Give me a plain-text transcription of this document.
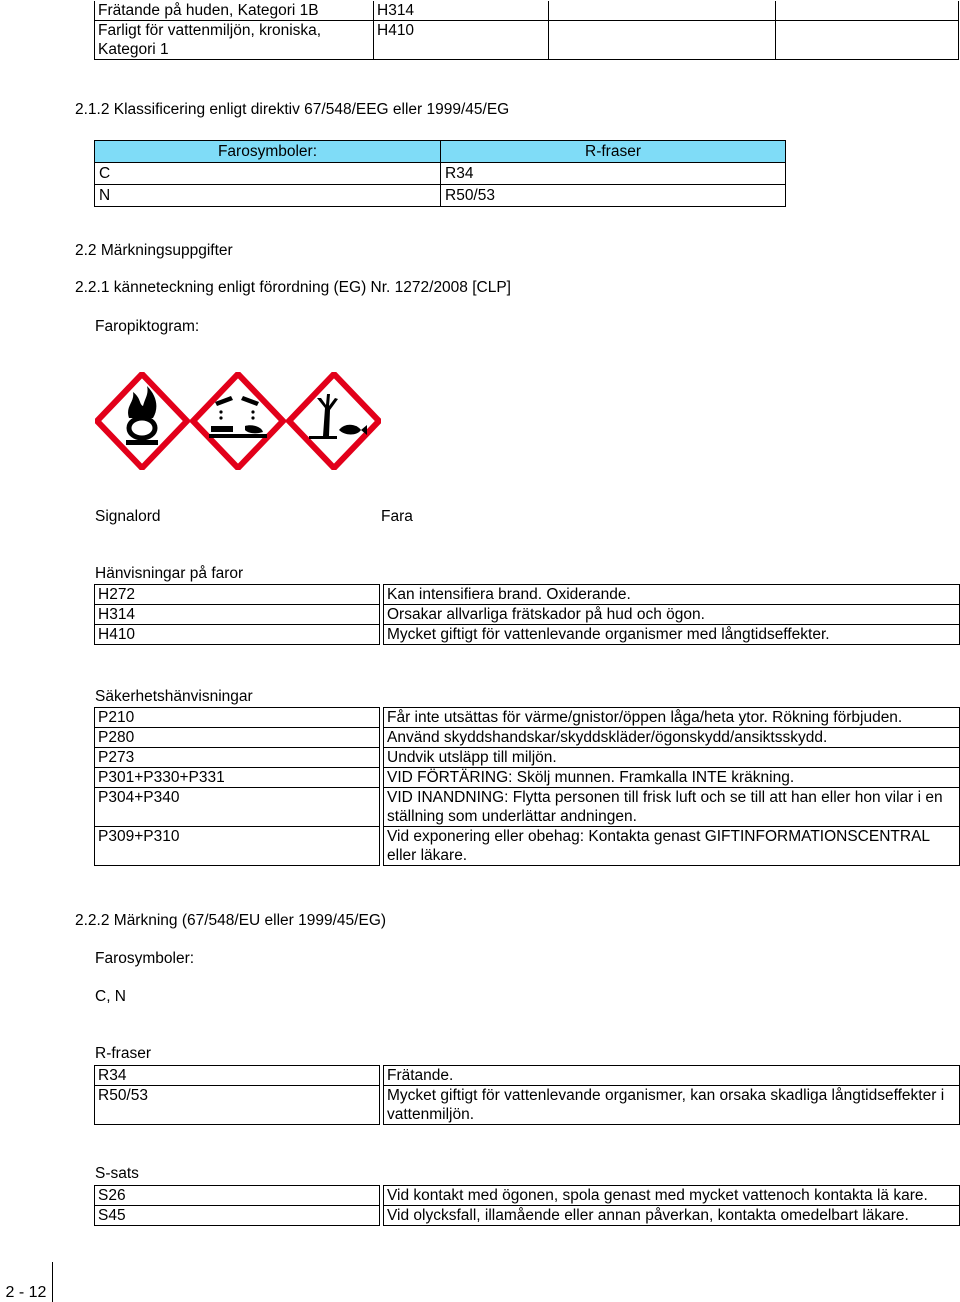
Frätande på huden, Kategori 1B	H314		

Farligt för vattenmiljön, kroniska, Kategori 1	H410		
2.1.2 Klassificering enligt direktiv 67/548/EEG eller 1999/45/EG
Farosymboler:	R-fraser
C	R34
N	R50/53
2.2 Märkningsuppgifter
2.2.1 känneteckning enligt förordning (EG) Nr. 1272/2008 [CLP]
Faropiktogram:
Signalord	Fara
Hänvisningar på faror
H272		Kan intensifiera brand. Oxiderande.
H314		Orsakar allvarliga frätskador på hud och ögon.
H410		Mycket giftigt för vattenlevande organismer med långtidseffekter.
Säkerhetshänvisningar
P210		Får inte utsättas för värme/gnistor/öppen låga/heta ytor. Rökning förbjuden.
P280		Använd skyddshandskar/skyddskläder/ögonskydd/ansiktsskydd.
P273		Undvik utsläpp till miljön.
P301+P330+P331		VID FÖRTÄRING: Skölj munnen. Framkalla INTE kräkning.
P304+P340		VID INANDNING: Flytta personen till frisk luft och se till att han eller hon vilar i en ställning som underlättar andningen.
P309+P310		Vid exponering eller obehag: Kontakta genast GIFTINFORMATIONSCENTRAL eller läkare.
2.2.2 Märkning (67/548/EU eller 1999/45/EG)
Farosymboler:
C, N
R-fraser
R34		Frätande.
R50/53		Mycket giftigt för vattenlevande organismer, kan orsaka skadliga långtidseffekter i vattenmiljön.
S-sats
S26		Vid kontakt med ögonen, spola genast med mycket vattenoch kontakta lä kare.
S45		Vid olycksfall, illamående eller annan påverkan, kontakta omedelbart läkare.
2 - 12
